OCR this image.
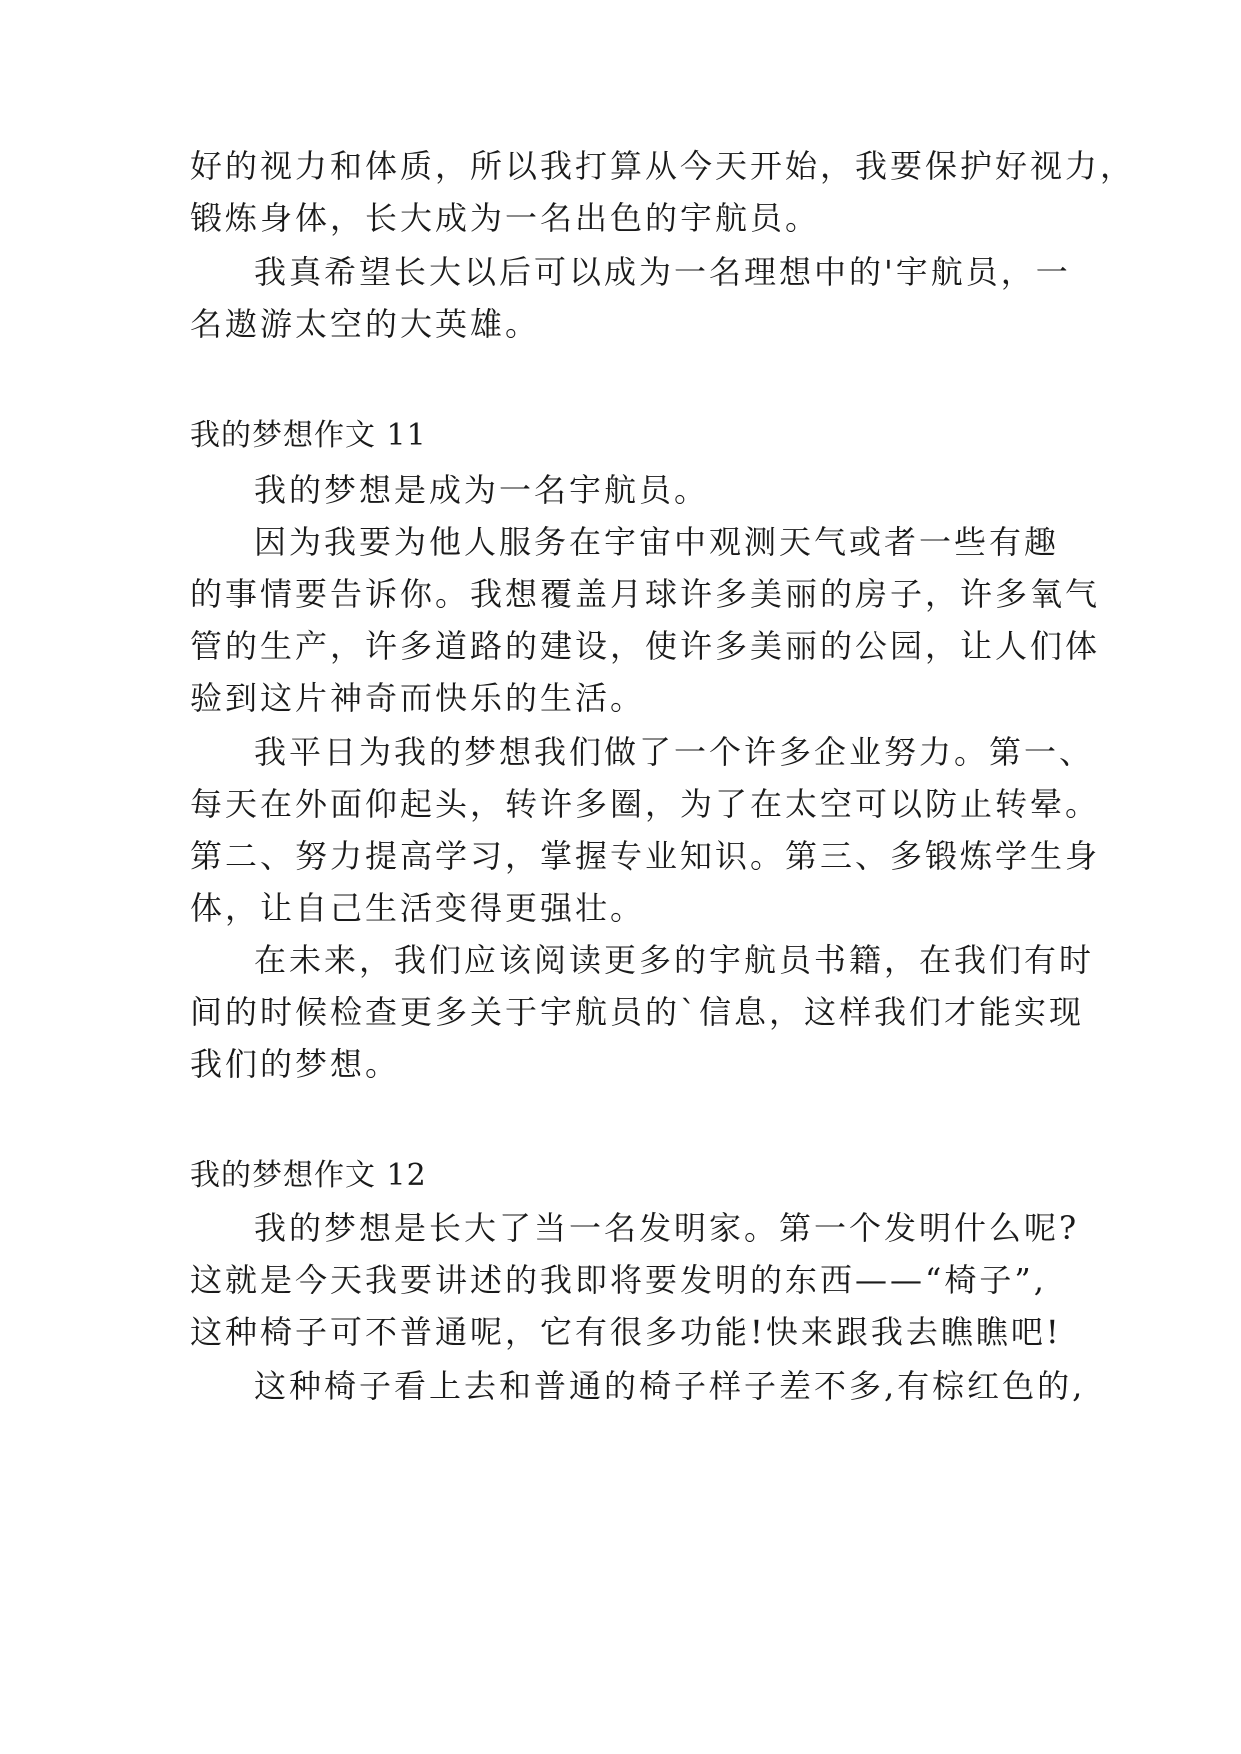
好的视力和体质，所以我打算从今天开始，我要保护好视力，
锻炼身体，长大成为一名出色的宇航员。
我真希望长大以后可以成为一名理想中的'宇航员，一
名遨游太空的大英雄。
我的梦想作文 11
我的梦想是成为一名宇航员。
因为我要为他人服务在宇宙中观测天气或者一些有趣
的事情要告诉你。我想覆盖月球许多美丽的房子，许多氧气
管的生产，许多道路的建设，使许多美丽的公园，让人们体
验到这片神奇而快乐的生活。
我平日为我的梦想我们做了一个许多企业努力。第一、
每天在外面仰起头，转许多圈，为了在太空可以防止转晕。
第二、努力提高学习，掌握专业知识。第三、多锻炼学生身
体，让自己生活变得更强壮。
在未来，我们应该阅读更多的宇航员书籍，在我们有时
间的时候检查更多关于宇航员的`信息，这样我们才能实现
我们的梦想。
我的梦想作文 12
我的梦想是长大了当一名发明家。第一个发明什么呢?
这就是今天我要讲述的我即将要发明的东西——“椅子”,
这种椅子可不普通呢，它有很多功能!快来跟我去瞧瞧吧!
这种椅子看上去和普通的椅子样子差不多,有棕红色的,
